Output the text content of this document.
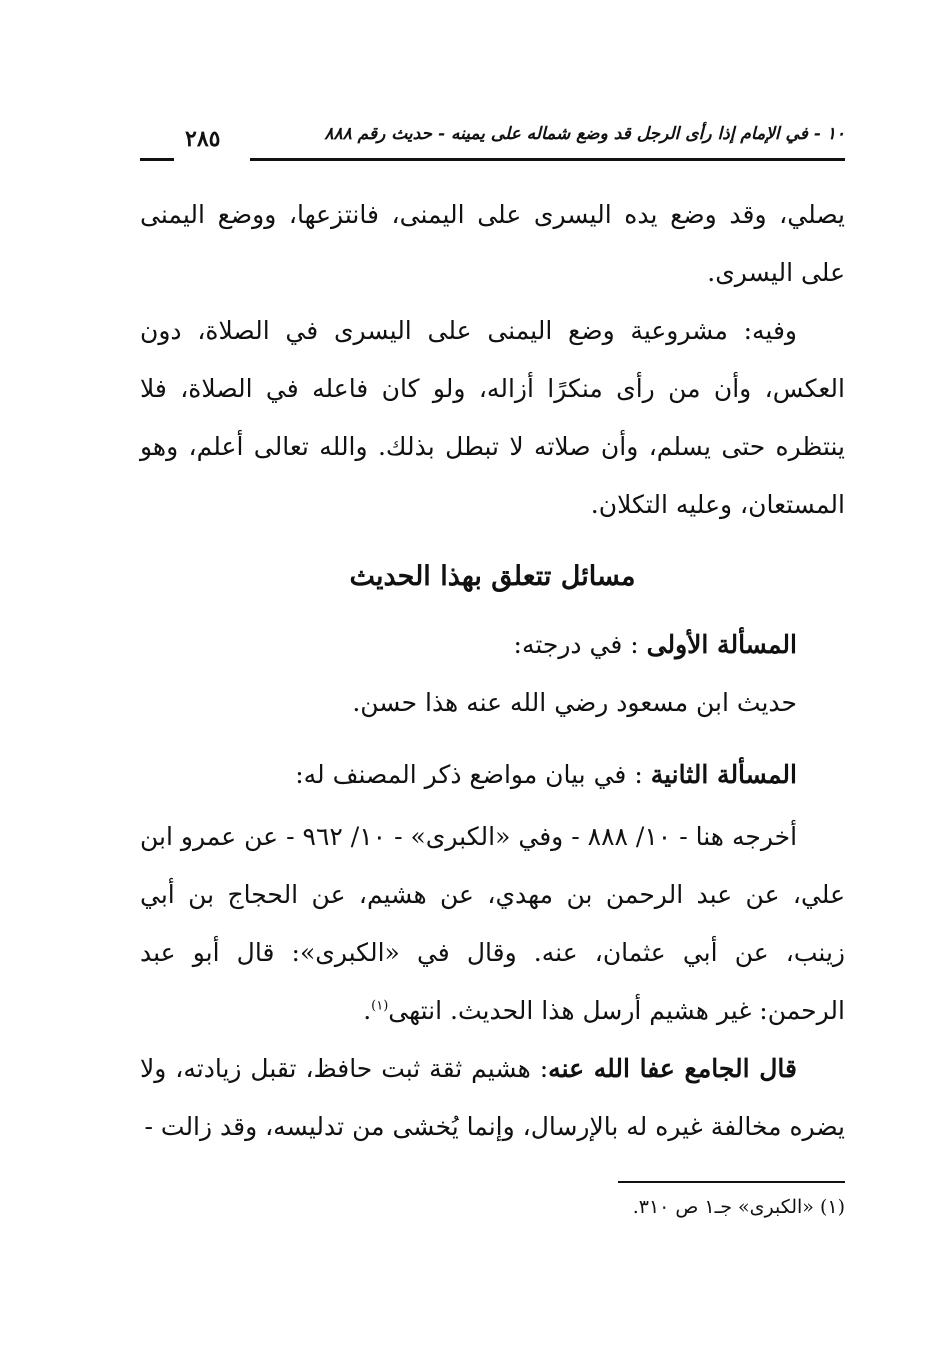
١٠ - في الإمام إذا رأى الرجل قد وضع شماله على يمينه - حديث رقم ٨٨٨
٢٨٥

يصلي، وقد وضع يده اليسرى على اليمنى، فانتزعها، ووضع اليمنى على اليسرى.

وفيه: مشروعية وضع اليمنى على اليسرى في الصلاة، دون العكس، وأن من رأى منكرًا أزاله، ولو كان فاعله في الصلاة، فلا ينتظره حتى يسلم، وأن صلاته لا تبطل بذلك. والله تعالى أعلم، وهو المستعان، وعليه التكلان.

مسائل تتعلق بهذا الحديث

المسألة الأولى : في درجته:

حديث ابن مسعود رضي الله عنه هذا حسن.

المسألة الثانية : في بيان مواضع ذكر المصنف له:

أخرجه هنا - ١٠/ ٨٨٨ - وفي «الكبرى» - ١٠/ ٩٦٢ - عن عمرو ابن علي، عن عبد الرحمن بن مهدي، عن هشيم، عن الحجاج بن أبي زينب، عن أبي عثمان، عنه. وقال في «الكبرى»: قال أبو عبد الرحمن: غير هشيم أرسل هذا الحديث. انتهى$^{(١)}$.

قال الجامع عفا الله عنه: هشيم ثقة ثبت حافظ، تقبل زيادته، ولا يضره مخالفة غيره له بالإرسال، وإنما يُخشى من تدليسه، وقد زالت -

(١) «الكبرى» جـ١ ص ٣١٠.
